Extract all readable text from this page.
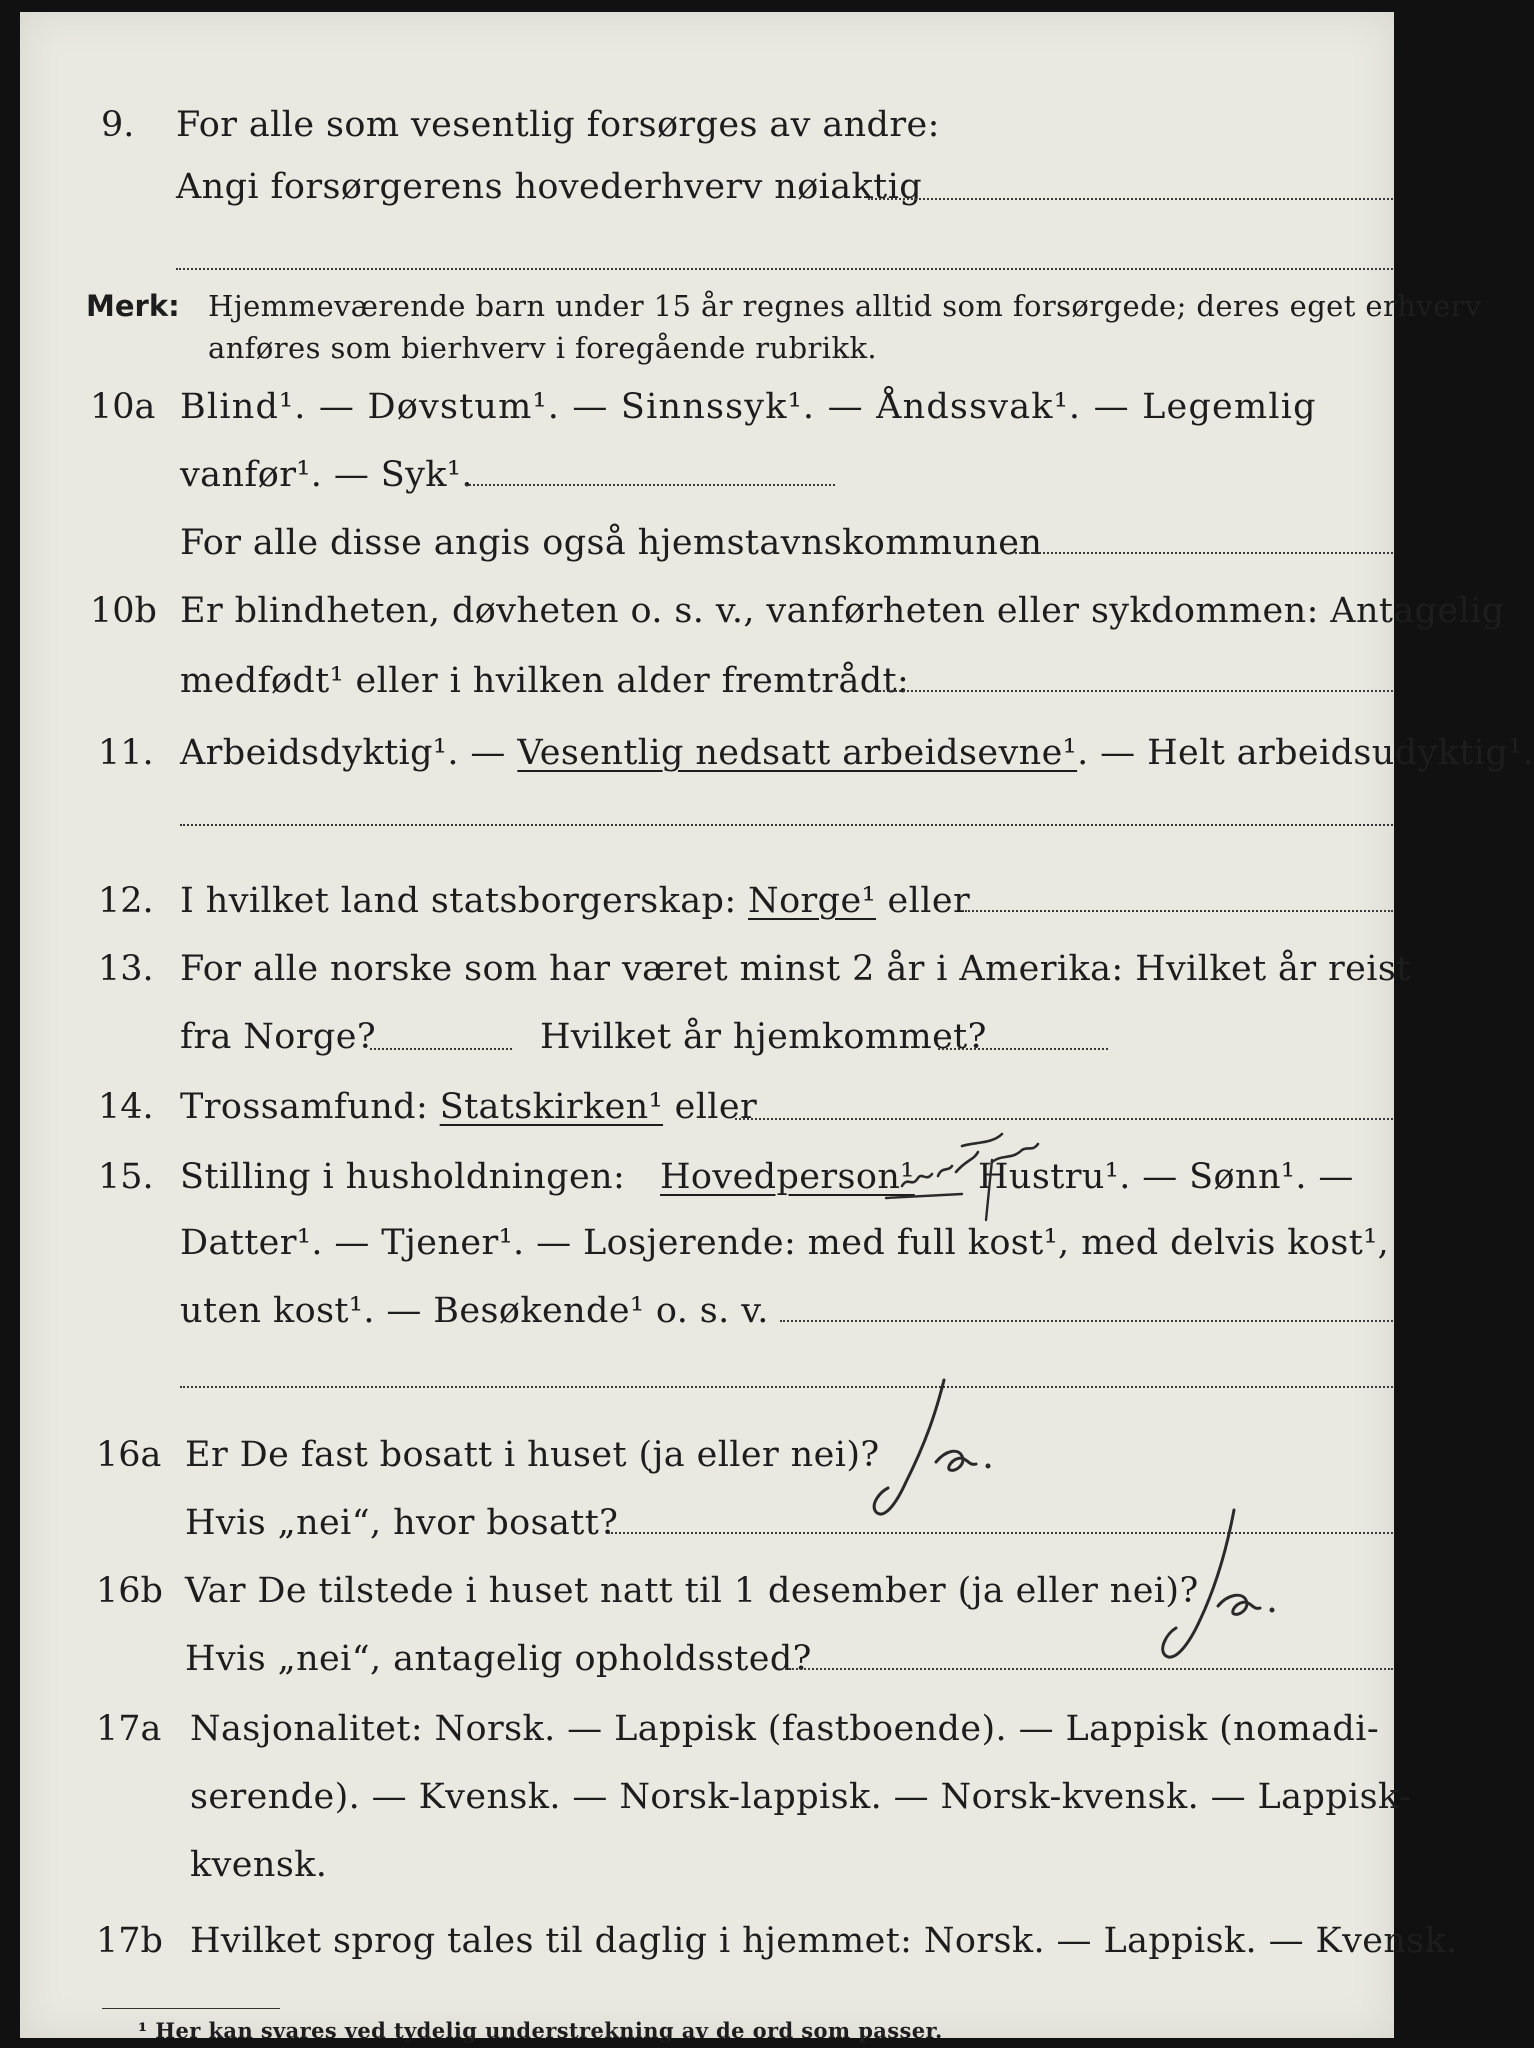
9. For alle som vesentlig forsørges av andre:
Angi forsørgerens hovederhverv nøiaktig
Merk: Hjemmeværende barn under 15 år regnes alltid som forsørgede; deres eget erhverv
anføres som bierhverv i foregående rubrikk.
10a Blind¹. — Døvstum¹. — Sinnssyk¹. — Åndssvak¹. — Legemlig
vanfør¹. — Syk¹.
For alle disse angis også hjemstavnskommunen
10b Er blindheten, døvheten o. s. v., vanførheten eller sykdommen: Antagelig
medfødt¹ eller i hvilken alder fremtrådt:
11. Arbeidsdyktig¹. — Vesentlig nedsatt arbeidsevne¹. — Helt arbeidsudyktig¹.
12. I hvilket land statsborgerskap: Norge¹ eller
13. For alle norske som har været minst 2 år i Amerika: Hvilket år reist
fra Norge?	Hvilket år hjemkommet?
14. Trossamfund: Statskirken¹ eller
15. Stilling i husholdningen: Hovedperson¹ Hustru¹. — Sønn¹. —
Datter¹. — Tjener¹. — Losjerende: med full kost¹, med delvis kost¹,
uten kost¹. — Besøkende¹ o. s. v.
16a Er De fast bosatt i huset (ja eller nei)?
Hvis „nei“, hvor bosatt?
16b Var De tilstede i huset natt til 1 desember (ja eller nei)?
Hvis „nei“, antagelig opholdssted?
17a Nasjonalitet: Norsk. — Lappisk (fastboende). — Lappisk (nomadi-
serende). — Kvensk. — Norsk-lappisk. — Norsk-kvensk. — Lappisk-
kvensk.
17b Hvilket sprog tales til daglig i hjemmet: Norsk. — Lappisk. — Kvensk.
¹ Her kan svares ved tydelig understrekning av de ord som passer.
Ja.
Ja.
uts for
